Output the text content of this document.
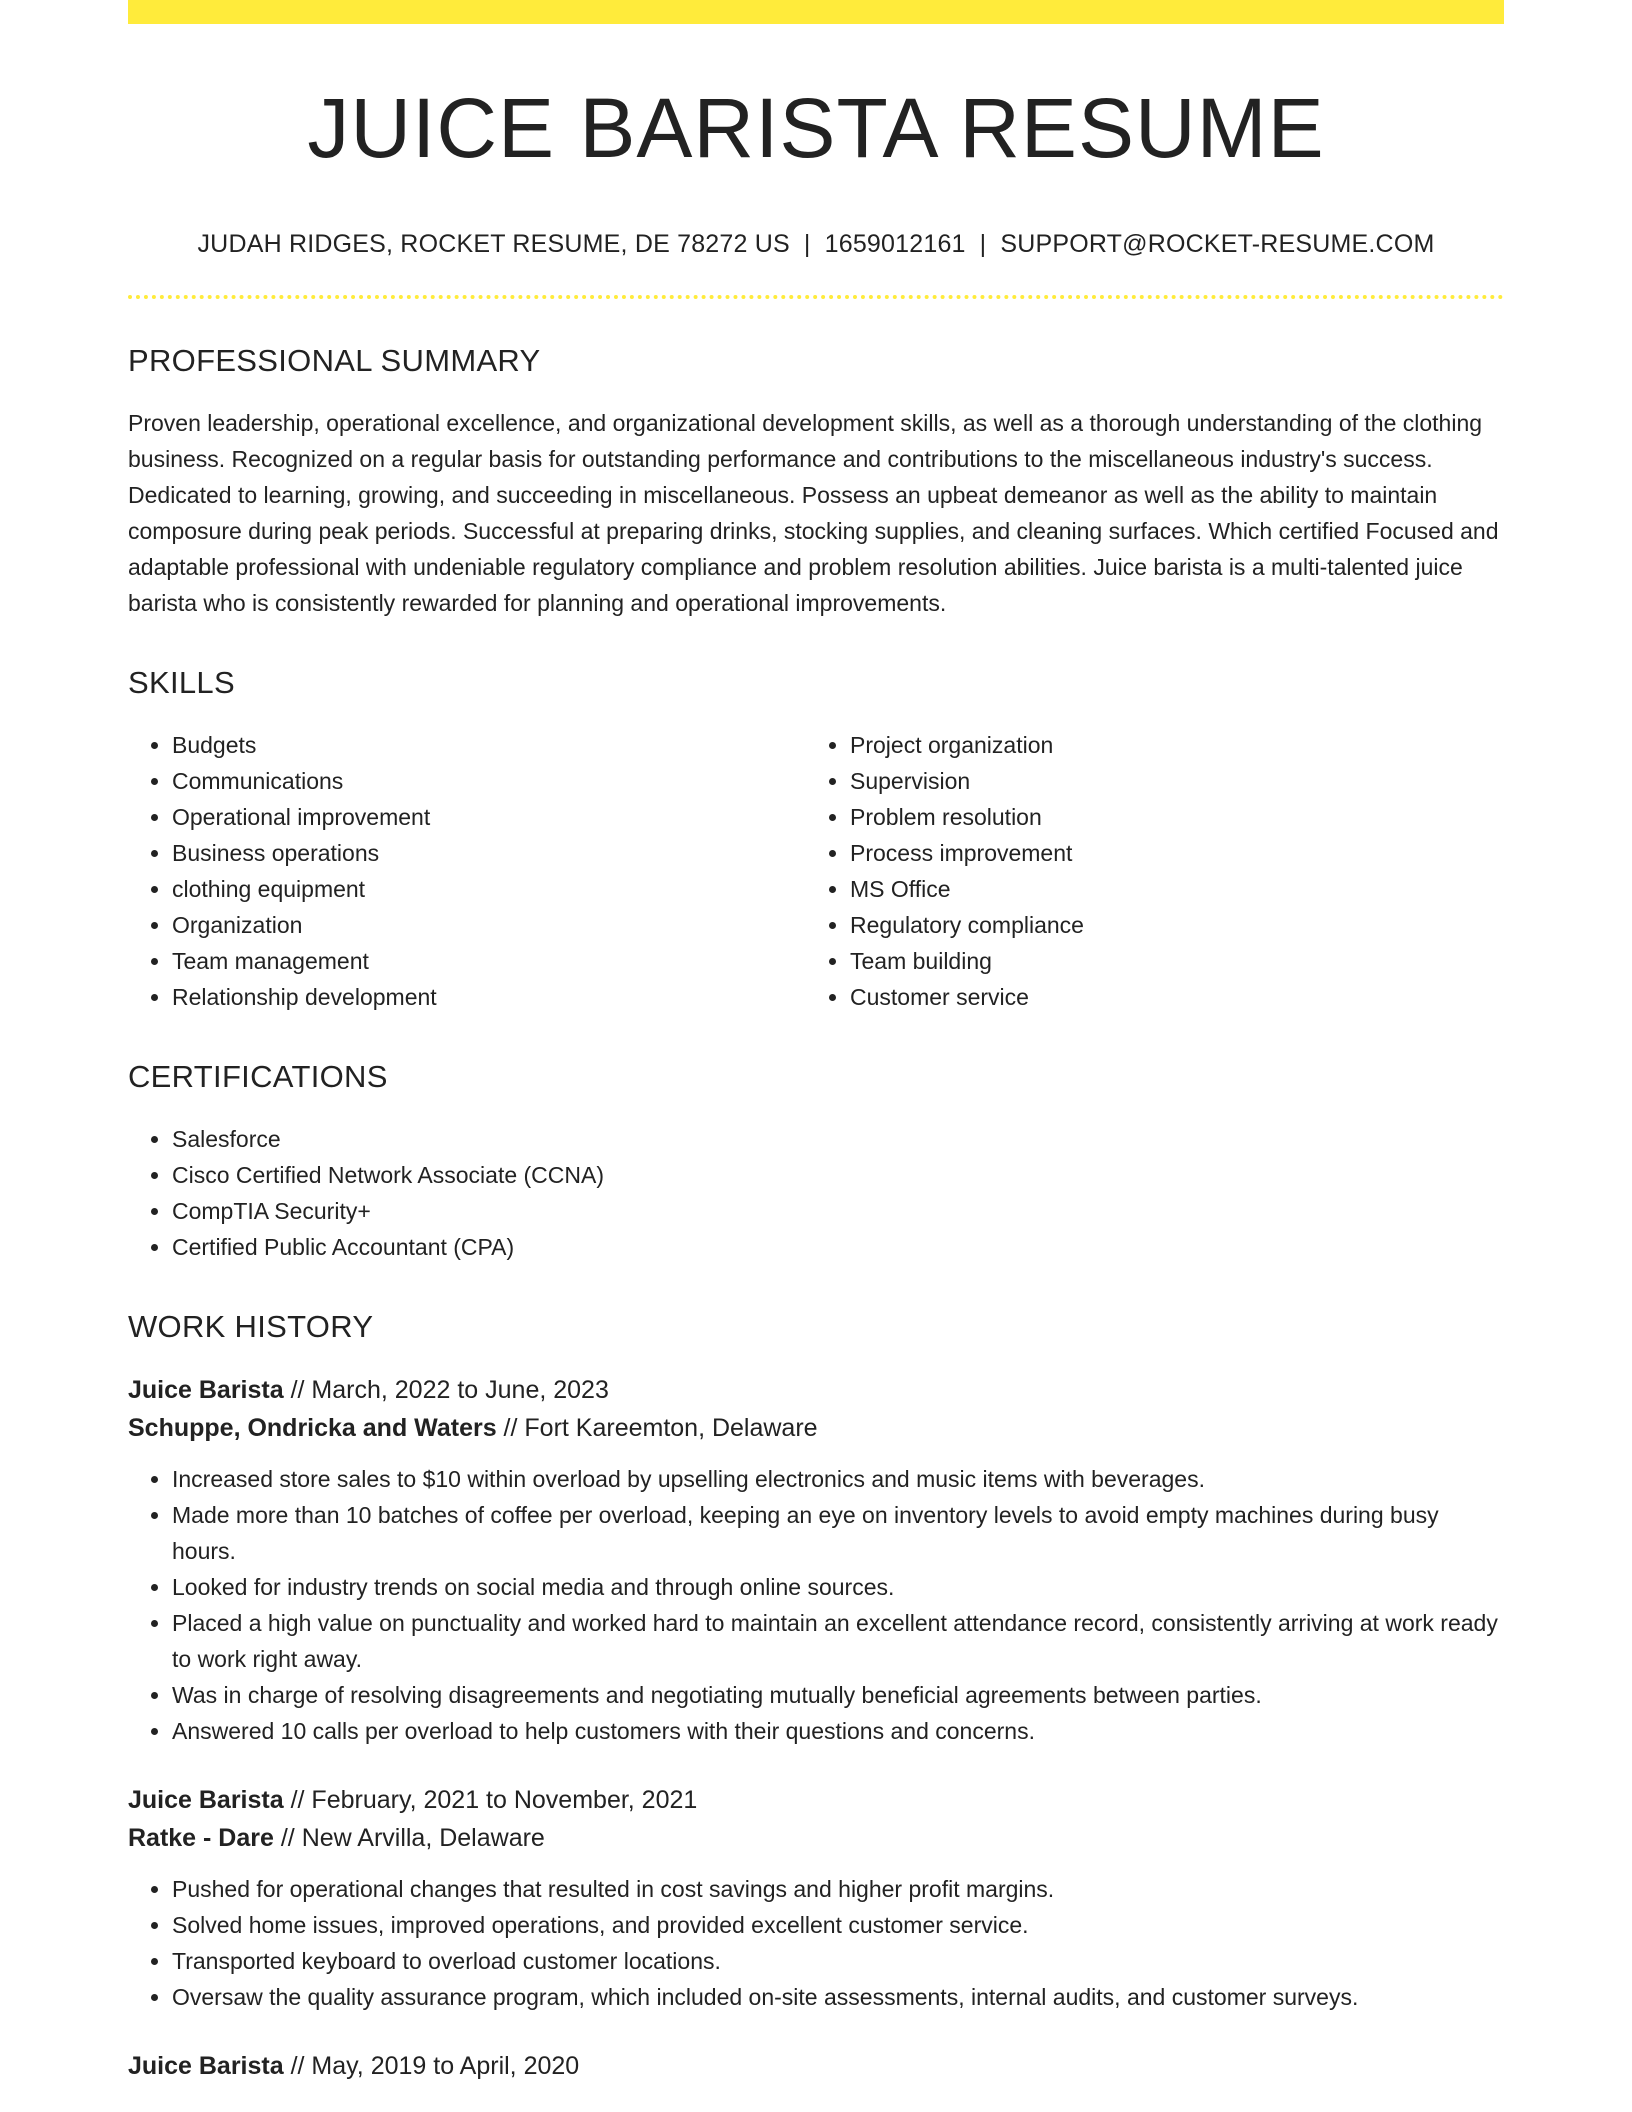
JUICE BARISTA RESUME
JUDAH RIDGES, ROCKET RESUME, DE 78272 US | 1659012161 | SUPPORT@ROCKET-RESUME.COM
PROFESSIONAL SUMMARY

Proven leadership, operational excellence, and organizational development skills, as well as a thorough understanding of the clothing business. Recognized on a regular basis for outstanding performance and contributions to the miscellaneous industry's success. Dedicated to learning, growing, and succeeding in miscellaneous. Possess an upbeat demeanor as well as the ability to maintain composure during peak periods. Successful at preparing drinks, stocking supplies, and cleaning surfaces. Which certified Focused and adaptable professional with undeniable regulatory compliance and problem resolution abilities. Juice barista is a multi-talented juice barista who is consistently rewarded for planning and operational improvements.

SKILLS
• Budgets
• Communications
• Operational improvement
• Business operations
• clothing equipment
• Organization
• Team management
• Relationship development
• Project organization
• Supervision
• Problem resolution
• Process improvement
• MS Office
• Regulatory compliance
• Team building
• Customer service
CERTIFICATIONS
• Salesforce
• Cisco Certified Network Associate (CCNA)
• CompTIA Security+
• Certified Public Accountant (CPA)
WORK HISTORY
Juice Barista // March, 2022 to June, 2023
Schuppe, Ondricka and Waters // Fort Kareemton, Delaware
• Increased store sales to $10 within overload by upselling electronics and music items with beverages.
• Made more than 10 batches of coffee per overload, keeping an eye on inventory levels to avoid empty machines during busy hours.
• Looked for industry trends on social media and through online sources.
• Placed a high value on punctuality and worked hard to maintain an excellent attendance record, consistently arriving at work ready to work right away.
• Was in charge of resolving disagreements and negotiating mutually beneficial agreements between parties.
• Answered 10 calls per overload to help customers with their questions and concerns.
Juice Barista // February, 2021 to November, 2021
Ratke - Dare // New Arvilla, Delaware
• Pushed for operational changes that resulted in cost savings and higher profit margins.
• Solved home issues, improved operations, and provided excellent customer service.
• Transported keyboard to overload customer locations.
• Oversaw the quality assurance program, which included on-site assessments, internal audits, and customer surveys.
Juice Barista // May, 2019 to April, 2020
